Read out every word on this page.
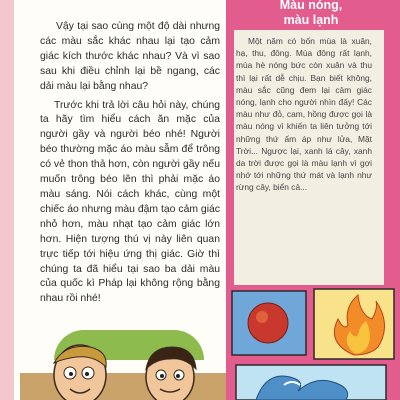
Vậy tại sao cùng một độ dài nhưng các màu sắc khác nhau lại tạo cảm giác kích thước khác nhau? Và vì sao sau khi điều chỉnh lại bề ngang, các dải màu lại bằng nhau?

Trước khi trả lời câu hỏi này, chúng ta hãy tìm hiểu cách ăn mặc của người gầy và người béo nhé! Người béo thường mặc áo màu sẫm để trông có vẻ thon thả hơn, còn người gầy nếu muốn trông béo lên thì phải mặc áo màu sáng. Nói cách khác, cùng một chiếc áo nhưng màu đậm tạo cảm giác nhỏ hơn, màu nhạt tạo cảm giác lớn hơn. Hiện tượng thú vị này liên quan trực tiếp tới hiệu ứng thị giác. Giờ thì chúng ta đã hiểu tại sao ba dải màu của quốc kì Pháp lại không rộng bằng nhau rồi nhé!

Màu nóng,
màu lạnh
Một năm có bốn mùa là xuân, hạ, thu, đông. Mùa đông rất lạnh, mùa hè nóng bức còn xuân và thu thì lại rất dễ chịu. Bạn biết không, màu sắc cũng đem lại cảm giác nóng, lạnh cho người nhìn đấy! Các màu như đỏ, cam, hồng được gọi là màu nóng vì khiến ta liên tưởng tới những thứ ấm áp như lửa, Mặt Trời... Ngược lại, xanh lá cây, xanh da trời được gọi là màu lạnh vì gợi nhớ tới những thứ mát và lạnh như rừng cây, biển cả...
